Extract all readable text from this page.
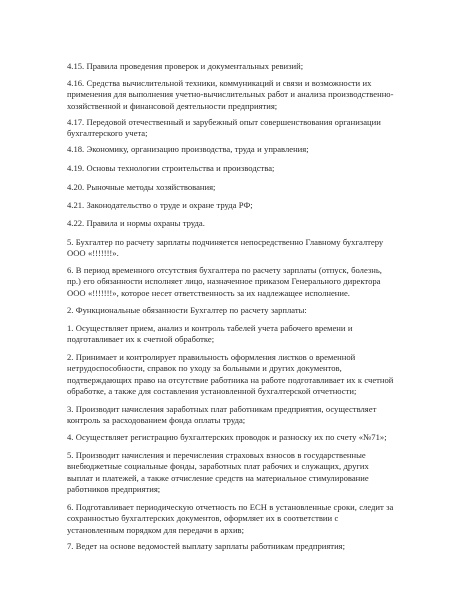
4.15. Правила проведения проверок и документальных ревизий;

4.16. Средства вычислительной техники, коммуникаций и связи и возможности их применения для выполнения учетно-вычислительных работ и анализа производственно-хозяйственной и финансовой деятельности предприятия;

4.17. Передовой отечественный и зарубежный опыт совершенствования организации бухгалтерского учета;

4.18. Экономику, организацию производства, труда и управления;

4.19. Основы технологии строительства и производства;

4.20. Рыночные методы хозяйствования;

4.21. Законодательство о труде и охране труда РФ;

4.22. Правила и нормы охраны труда.

5. Бухгалтер по расчету зарплаты подчиняется непосредственно Главному бухгалтеру ООО «!!!!!!!».

6. В период временного отсутствия бухгалтера по расчету зарплаты (отпуск, болезнь, пр.) его обязанности исполняет лицо, назначенное приказом Генерального директора ООО «!!!!!!!», которое несет ответственность за их надлежащее исполнение.

2. Функциональные обязанности Бухгалтер по расчету зарплаты:

1. Осуществляет прием, анализ и контроль табелей учета рабочего времени и подготавливает их к счетной обработке;

2. Принимает и контролирует правильность оформления листков о временной нетрудоспособности, справок по уходу за больными и других документов, подтверждающих право на отсутствие работника на работе подготавливает их к счетной обработке, а также для составления установленной бухгалтерской отчетности;

3. Производит начисления заработных плат работникам предприятия, осуществляет контроль за расходованием фонда оплаты труда;

4. Осуществляет регистрацию бухгалтерских проводок и разноску их по счету «№71»;

5. Производит начисления и перечисления страховых взносов в государственные внебюджетные социальные фонды, заработных плат рабочих и служащих, других выплат и платежей, а также отчисление средств на материальное стимулирование работников предприятия;

6. Подготавливает периодическую отчетность по ЕСН в установленные сроки, следит за сохранностью бухгалтерских документов, оформляет их в соответствии с установленным порядком для передачи в архив;

7. Ведет на основе ведомостей выплату зарплаты работникам предприятия;
